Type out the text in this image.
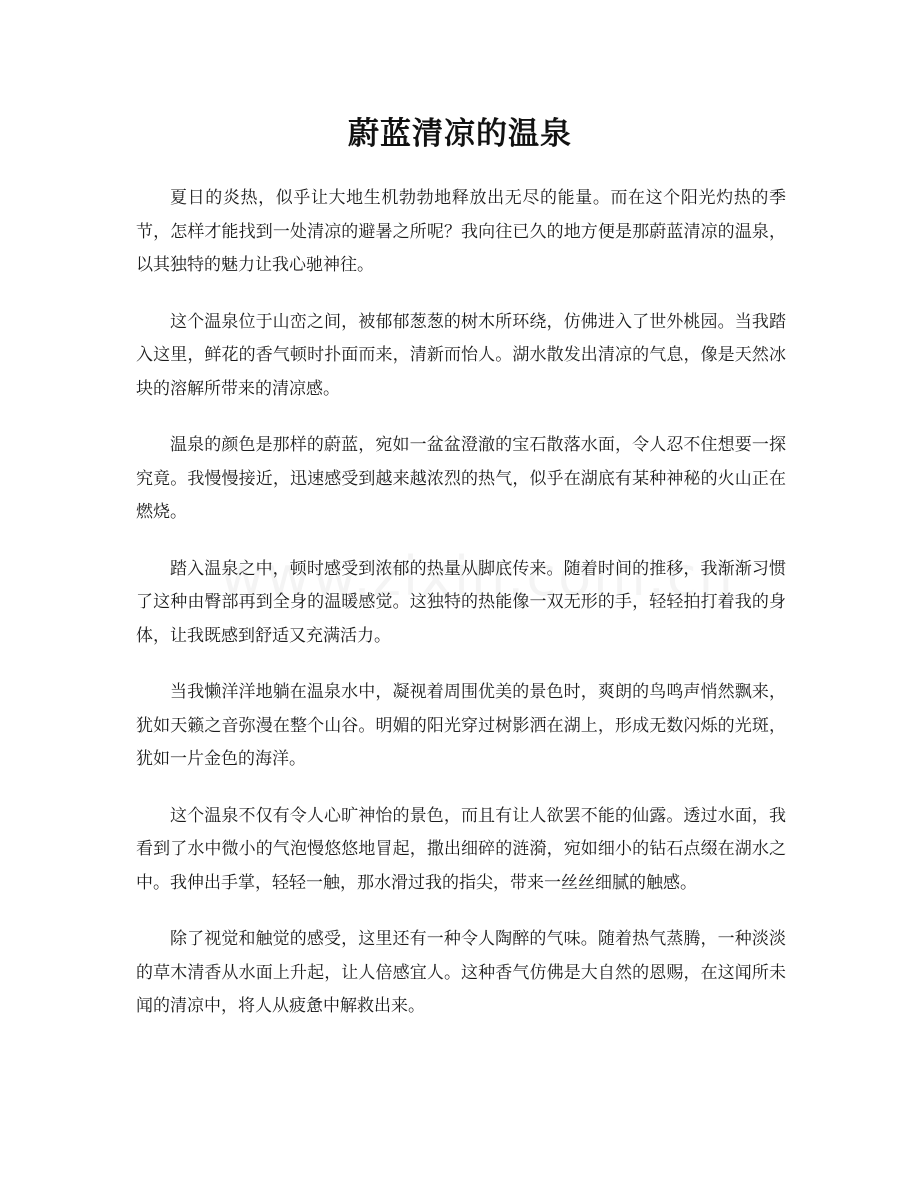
蔚蓝清凉的温泉

夏日的炎热，似乎让大地生机勃勃地释放出无尽的能量。而在这个阳光灼热的季节，怎样才能找到一处清凉的避暑之所呢？我向往已久的地方便是那蔚蓝清凉的温泉，以其独特的魅力让我心驰神往。

这个温泉位于山峦之间，被郁郁葱葱的树木所环绕，仿佛进入了世外桃园。当我踏入这里，鲜花的香气顿时扑面而来，清新而怡人。湖水散发出清凉的气息，像是天然冰块的溶解所带来的清凉感。

温泉的颜色是那样的蔚蓝，宛如一盆盆澄澈的宝石散落水面，令人忍不住想要一探究竟。我慢慢接近，迅速感受到越来越浓烈的热气，似乎在湖底有某种神秘的火山正在燃烧。

踏入温泉之中，顿时感受到浓郁的热量从脚底传来。随着时间的推移，我渐渐习惯了这种由臀部再到全身的温暖感觉。这独特的热能像一双无形的手，轻轻拍打着我的身体，让我既感到舒适又充满活力。

当我懒洋洋地躺在温泉水中，凝视着周围优美的景色时，爽朗的鸟鸣声悄然飘来，犹如天籁之音弥漫在整个山谷。明媚的阳光穿过树影洒在湖上，形成无数闪烁的光斑，犹如一片金色的海洋。

这个温泉不仅有令人心旷神怡的景色，而且有让人欲罢不能的仙露。透过水面，我看到了水中微小的气泡慢悠悠地冒起，撒出细碎的涟漪，宛如细小的钻石点缀在湖水之中。我伸出手掌，轻轻一触，那水滑过我的指尖，带来一丝丝细腻的触感。

除了视觉和触觉的感受，这里还有一种令人陶醉的气味。随着热气蒸腾，一种淡淡的草木清香从水面上升起，让人倍感宜人。这种香气仿佛是大自然的恩赐，在这闻所未闻的清凉中，将人从疲惫中解救出来。
